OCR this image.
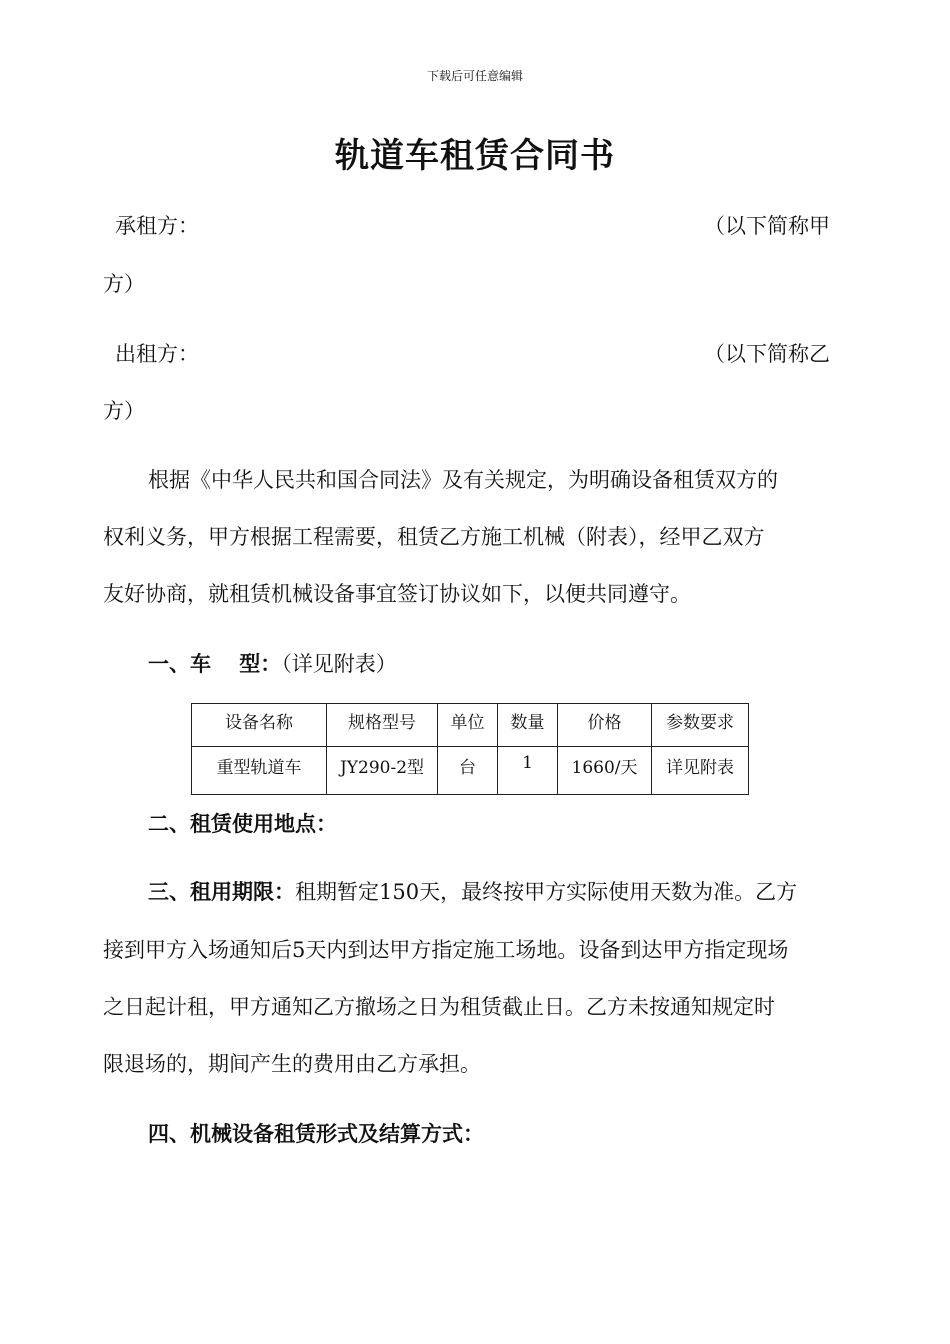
下载后可任意编辑
轨道车租赁合同书
承租方：	（以下简称甲
方）
出租方：	（以下简称乙
方）
根据《中华人民共和国合同法》及有关规定，为明确设备租赁双方的
权利义务，甲方根据工程需要，租赁乙方施工机械（附表），经甲乙双方
友好协商，就租赁机械设备事宜签订协议如下，以便共同遵守。
一、车　 型：（详见附表）
设备名称	规格型号	单位	数量	价格	参数要求
重型轨道车	JY290-2型	台	1	1660/天	详见附表
二、租赁使用地点：
三、租用期限：租期暂定150天，最终按甲方实际使用天数为准。乙方
接到甲方入场通知后5天内到达甲方指定施工场地。设备到达甲方指定现场
之日起计租，甲方通知乙方撤场之日为租赁截止日。乙方未按通知规定时
限退场的，期间产生的费用由乙方承担。
四、机械设备租赁形式及结算方式：
